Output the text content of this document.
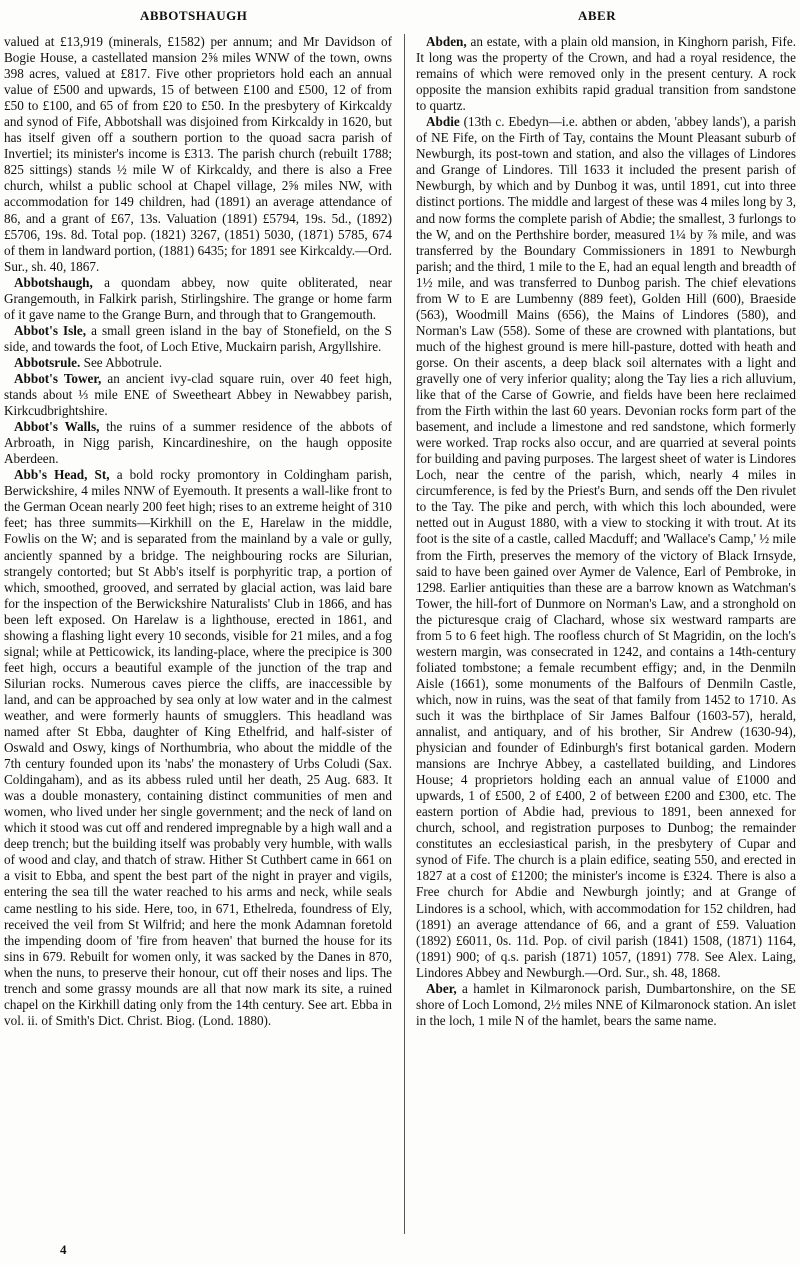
ABBOTSHAUGH	ABER

valued at £13,919 (minerals, £1582) per annum; and Mr Davidson of Bogie House, a castellated mansion 2⅝ miles WNW of the town, owns 398 acres, valued at £817. Five other proprietors hold each an annual value of £500 and upwards, 15 of between £100 and £500, 12 of from £50 to £100, and 65 of from £20 to £50. In the presbytery of Kirkcaldy and synod of Fife, Abbotshall was disjoined from Kirkcaldy in 1620, but has itself given off a southern portion to the quoad sacra parish of Invertiel; its minister's income is £313. The parish church (rebuilt 1788; 825 sittings) stands ½ mile W of Kirkcaldy, and there is also a Free church, whilst a public school at Chapel village, 2⅝ miles NW, with accommodation for 149 children, had (1891) an average attendance of 86, and a grant of £67, 13s. Valuation (1891) £5794, 19s. 5d., (1892) £5706, 19s. 8d. Total pop. (1821) 3267, (1851) 5030, (1871) 5785, 674 of them in landward portion, (1881) 6435; for 1891 see Kirkcaldy.—Ord. Sur., sh. 40, 1867.

Abbotshaugh, a quondam abbey, now quite obliterated, near Grangemouth, in Falkirk parish, Stirlingshire. The grange or home farm of it gave name to the Grange Burn, and through that to Grangemouth.

Abbot's Isle, a small green island in the bay of Stonefield, on the S side, and towards the foot, of Loch Etive, Muckairn parish, Argyllshire.

Abbotsrule. See Abbotrule.

Abbot's Tower, an ancient ivy-clad square ruin, over 40 feet high, stands about ⅓ mile ENE of Sweetheart Abbey in Newabbey parish, Kirkcudbrightshire.

Abbot's Walls, the ruins of a summer residence of the abbots of Arbroath, in Nigg parish, Kincardineshire, on the haugh opposite Aberdeen.

Abb's Head, St, a bold rocky promontory in Coldingham parish, Berwickshire, 4 miles NNW of Eyemouth. It presents a wall-like front to the German Ocean nearly 200 feet high; rises to an extreme height of 310 feet; has three summits—Kirkhill on the E, Harelaw in the middle, Fowlis on the W; and is separated from the mainland by a vale or gully, anciently spanned by a bridge. The neighbouring rocks are Silurian, strangely contorted; but St Abb's itself is porphyritic trap, a portion of which, smoothed, grooved, and serrated by glacial action, was laid bare for the inspection of the Berwickshire Naturalists' Club in 1866, and has been left exposed. On Harelaw is a lighthouse, erected in 1861, and showing a flashing light every 10 seconds, visible for 21 miles, and a fog signal; while at Petticowick, its landing-place, where the precipice is 300 feet high, occurs a beautiful example of the junction of the trap and Silurian rocks. Numerous caves pierce the cliffs, are inaccessible by land, and can be approached by sea only at low water and in the calmest weather, and were formerly haunts of smugglers. This headland was named after St Ebba, daughter of King Ethelfrid, and half-sister of Oswald and Oswy, kings of Northumbria, who about the middle of the 7th century founded upon its 'nabs' the monastery of Urbs Coludi (Sax. Coldingaham), and as its abbess ruled until her death, 25 Aug. 683. It was a double monastery, containing distinct communities of men and women, who lived under her single government; and the neck of land on which it stood was cut off and rendered impregnable by a high wall and a deep trench; but the building itself was probably very humble, with walls of wood and clay, and thatch of straw. Hither St Cuthbert came in 661 on a visit to Ebba, and spent the best part of the night in prayer and vigils, entering the sea till the water reached to his arms and neck, while seals came nestling to his side. Here, too, in 671, Ethelreda, foundress of Ely, received the veil from St Wilfrid; and here the monk Adamnan foretold the impending doom of 'fire from heaven' that burned the house for its sins in 679. Rebuilt for women only, it was sacked by the Danes in 870, when the nuns, to preserve their honour, cut off their noses and lips. The trench and some grassy mounds are all that now mark its site, a ruined chapel on the Kirkhill dating only from the 14th century. See art. Ebba in vol. ii. of Smith's Dict. Christ. Biog. (Lond. 1880).

Abden, an estate, with a plain old mansion, in Kinghorn parish, Fife. It long was the property of the Crown, and had a royal residence, the remains of which were removed only in the present century. A rock opposite the mansion exhibits rapid gradual transition from sandstone to quartz.

Abdie (13th c. Ebedyn—i.e. abthen or abden, 'abbey lands'), a parish of NE Fife, on the Firth of Tay, contains the Mount Pleasant suburb of Newburgh, its post-town and station, and also the villages of Lindores and Grange of Lindores. Till 1633 it included the present parish of Newburgh, by which and by Dunbog it was, until 1891, cut into three distinct portions. The middle and largest of these was 4 miles long by 3, and now forms the complete parish of Abdie; the smallest, 3 furlongs to the W, and on the Perthshire border, measured 1¼ by ⅞ mile, and was transferred by the Boundary Commissioners in 1891 to Newburgh parish; and the third, 1 mile to the E, had an equal length and breadth of 1½ mile, and was transferred to Dunbog parish. The chief elevations from W to E are Lumbenny (889 feet), Golden Hill (600), Braeside (563), Woodmill Mains (656), the Mains of Lindores (580), and Norman's Law (558). Some of these are crowned with plantations, but much of the highest ground is mere hill-pasture, dotted with heath and gorse. On their ascents, a deep black soil alternates with a light and gravelly one of very inferior quality; along the Tay lies a rich alluvium, like that of the Carse of Gowrie, and fields have been here reclaimed from the Firth within the last 60 years. Devonian rocks form part of the basement, and include a limestone and red sandstone, which formerly were worked. Trap rocks also occur, and are quarried at several points for building and paving purposes. The largest sheet of water is Lindores Loch, near the centre of the parish, which, nearly 4 miles in circumference, is fed by the Priest's Burn, and sends off the Den rivulet to the Tay. The pike and perch, with which this loch abounded, were netted out in August 1880, with a view to stocking it with trout. At its foot is the site of a castle, called Macduff; and 'Wallace's Camp,' ½ mile from the Firth, preserves the memory of the victory of Black Irnsyde, said to have been gained over Aymer de Valence, Earl of Pembroke, in 1298. Earlier antiquities than these are a barrow known as Watchman's Tower, the hill-fort of Dunmore on Norman's Law, and a stronghold on the picturesque craig of Clachard, whose six westward ramparts are from 5 to 6 feet high. The roofless church of St Magridin, on the loch's western margin, was consecrated in 1242, and contains a 14th-century foliated tombstone; a female recumbent effigy; and, in the Denmiln Aisle (1661), some monuments of the Balfours of Denmiln Castle, which, now in ruins, was the seat of that family from 1452 to 1710. As such it was the birthplace of Sir James Balfour (1603-57), herald, annalist, and antiquary, and of his brother, Sir Andrew (1630-94), physician and founder of Edinburgh's first botanical garden. Modern mansions are Inchrye Abbey, a castellated building, and Lindores House; 4 proprietors holding each an annual value of £1000 and upwards, 1 of £500, 2 of £400, 2 of between £200 and £300, etc. The eastern portion of Abdie had, previous to 1891, been annexed for church, school, and registration purposes to Dunbog; the remainder constitutes an ecclesiastical parish, in the presbytery of Cupar and synod of Fife. The church is a plain edifice, seating 550, and erected in 1827 at a cost of £1200; the minister's income is £324. There is also a Free church for Abdie and Newburgh jointly; and at Grange of Lindores is a school, which, with accommodation for 152 children, had (1891) an average attendance of 66, and a grant of £59. Valuation (1892) £6011, 0s. 11d. Pop. of civil parish (1841) 1508, (1871) 1164, (1891) 900; of q.s. parish (1871) 1057, (1891) 778. See Alex. Laing, Lindores Abbey and Newburgh.—Ord. Sur., sh. 48, 1868.

Aber, a hamlet in Kilmaronock parish, Dumbartonshire, on the SE shore of Loch Lomond, 2½ miles NNE of Kilmaronock station. An islet in the loch, 1 mile N of the hamlet, bears the same name.

4
